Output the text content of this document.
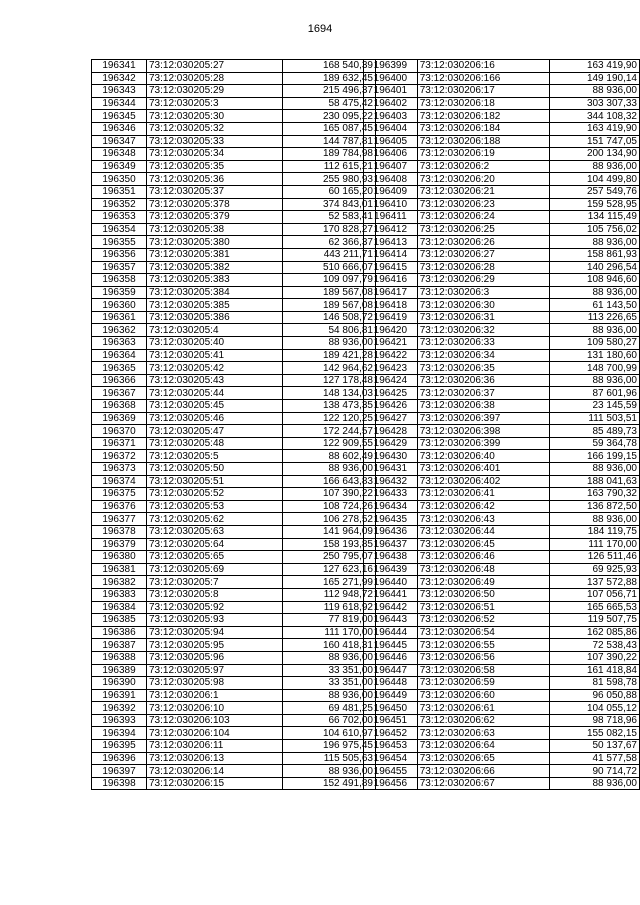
1694
196341	73:12:030205:27	168 540,39
196342	73:12:030205:28	189 632,45
196343	73:12:030205:29	215 496,37
196344	73:12:030205:3	58 475,42
196345	73:12:030205:30	230 095,22
196346	73:12:030205:32	165 087,45
196347	73:12:030205:33	144 787,81
196348	73:12:030205:34	189 784,98
196349	73:12:030205:35	112 615,21
196350	73:12:030205:36	255 980,93
196351	73:12:030205:37	60 165,20
196352	73:12:030205:378	374 843,01
196353	73:12:030205:379	52 583,41
196354	73:12:030205:38	170 828,27
196355	73:12:030205:380	62 366,37
196356	73:12:030205:381	443 211,71
196357	73:12:030205:382	510 666,07
196358	73:12:030205:383	109 097,79
196359	73:12:030205:384	189 567,08
196360	73:12:030205:385	189 567,08
196361	73:12:030205:386	146 508,72
196362	73:12:030205:4	54 806,81
196363	73:12:030205:40	88 936,00
196364	73:12:030205:41	189 421,28
196365	73:12:030205:42	142 964,62
196366	73:12:030205:43	127 178,48
196367	73:12:030205:44	148 134,03
196368	73:12:030205:45	138 473,35
196369	73:12:030205:46	122 120,25
196370	73:12:030205:47	172 244,57
196371	73:12:030205:48	122 909,55
196372	73:12:030205:5	88 602,49
196373	73:12:030205:50	88 936,00
196374	73:12:030205:51	166 643,83
196375	73:12:030205:52	107 390,22
196376	73:12:030205:53	108 724,26
196377	73:12:030205:62	106 278,52
196378	73:12:030205:63	141 964,09
196379	73:12:030205:64	158 193,85
196380	73:12:030205:65	250 795,07
196381	73:12:030205:69	127 623,16
196382	73:12:030205:7	165 271,99
196383	73:12:030205:8	112 948,72
196384	73:12:030205:92	119 618,92
196385	73:12:030205:93	77 819,00
196386	73:12:030205:94	111 170,00
196387	73:12:030205:95	160 418,31
196388	73:12:030205:96	88 936,00
196389	73:12:030205:97	33 351,00
196390	73:12:030205:98	33 351,00
196391	73:12:030206:1	88 936,00
196392	73:12:030206:10	69 481,25
196393	73:12:030206:103	66 702,00
196394	73:12:030206:104	104 610,97
196395	73:12:030206:11	196 975,45
196396	73:12:030206:13	115 505,63
196397	73:12:030206:14	88 936,00
196398	73:12:030206:15	152 491,89
196399	73:12:030206:16	163 419,90
196400	73:12:030206:166	149 190,14
196401	73:12:030206:17	88 936,00
196402	73:12:030206:18	303 307,33
196403	73:12:030206:182	344 108,32
196404	73:12:030206:184	163 419,90
196405	73:12:030206:188	151 747,05
196406	73:12:030206:19	200 134,90
196407	73:12:030206:2	88 936,00
196408	73:12:030206:20	104 499,80
196409	73:12:030206:21	257 549,76
196410	73:12:030206:23	159 528,95
196411	73:12:030206:24	134 115,49
196412	73:12:030206:25	105 756,02
196413	73:12:030206:26	88 936,00
196414	73:12:030206:27	158 861,93
196415	73:12:030206:28	140 296,54
196416	73:12:030206:29	108 946,60
196417	73:12:030206:3	88 936,00
196418	73:12:030206:30	61 143,50
196419	73:12:030206:31	113 226,65
196420	73:12:030206:32	88 936,00
196421	73:12:030206:33	109 580,27
196422	73:12:030206:34	131 180,60
196423	73:12:030206:35	148 700,99
196424	73:12:030206:36	88 936,00
196425	73:12:030206:37	87 601,96
196426	73:12:030206:38	23 145,59
196427	73:12:030206:397	111 503,51
196428	73:12:030206:398	85 489,73
196429	73:12:030206:399	59 364,78
196430	73:12:030206:40	166 199,15
196431	73:12:030206:401	88 936,00
196432	73:12:030206:402	188 041,63
196433	73:12:030206:41	163 790,32
196434	73:12:030206:42	136 872,50
196435	73:12:030206:43	88 936,00
196436	73:12:030206:44	184 119,75
196437	73:12:030206:45	111 170,00
196438	73:12:030206:46	126 511,46
196439	73:12:030206:48	69 925,93
196440	73:12:030206:49	137 572,88
196441	73:12:030206:50	107 056,71
196442	73:12:030206:51	165 665,53
196443	73:12:030206:52	119 507,75
196444	73:12:030206:54	162 085,86
196445	73:12:030206:55	72 538,43
196446	73:12:030206:56	107 390,22
196447	73:12:030206:58	161 418,84
196448	73:12:030206:59	81 598,78
196449	73:12:030206:60	96 050,88
196450	73:12:030206:61	104 055,12
196451	73:12:030206:62	98 718,96
196452	73:12:030206:63	155 082,15
196453	73:12:030206:64	50 137,67
196454	73:12:030206:65	41 577,58
196455	73:12:030206:66	90 714,72
196456	73:12:030206:67	88 936,00
